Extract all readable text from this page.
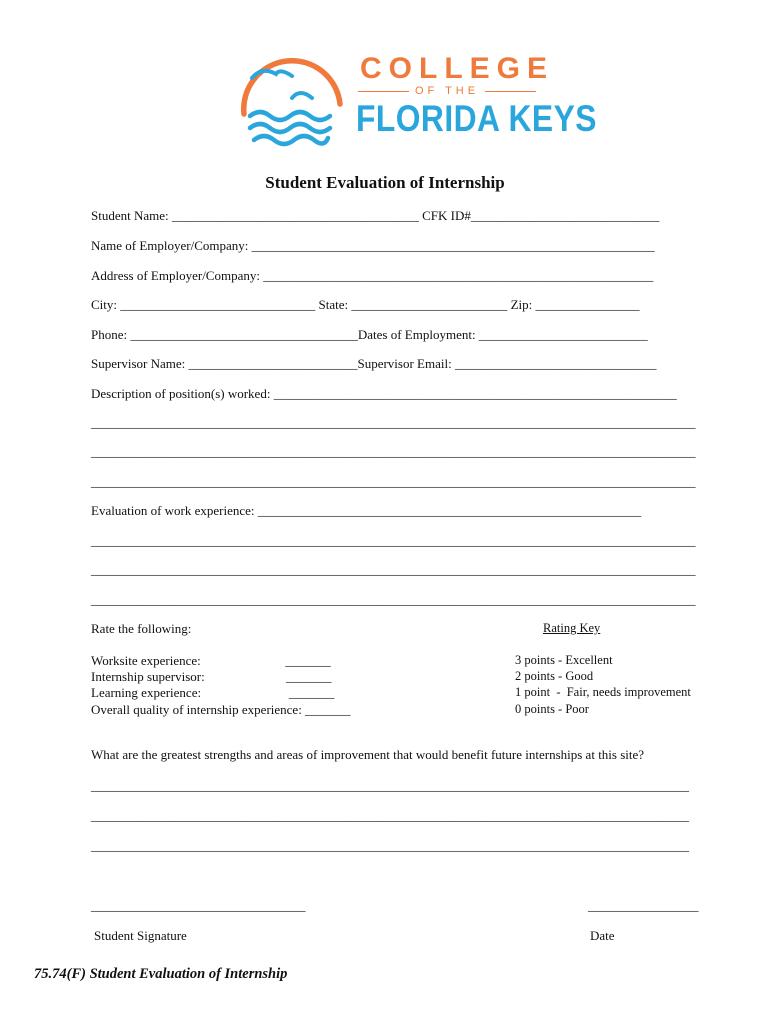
COLLEGE
OF THE
FLORIDA KEYS
Student Evaluation of Internship
Student Name: ______________________________________ CFK ID#_____________________________
Name of Employer/Company: ______________________________________________________________
Address of Employer/Company: ____________________________________________________________
City: ______________________________ State: ________________________ Zip: ________________
Phone: ___________________________________Dates of Employment: __________________________
Supervisor Name: __________________________Supervisor Email: _______________________________
Description of position(s) worked: ______________________________________________________________
_____________________________________________________________________________________________
_____________________________________________________________________________________________
_____________________________________________________________________________________________
Evaluation of work experience: ___________________________________________________________
_____________________________________________________________________________________________
_____________________________________________________________________________________________
_____________________________________________________________________________________________
Rate the following:
Worksite experience:                          _______
Internship supervisor:                         _______
Learning experience:                           _______
Overall quality of internship experience: _______
Rating Key
3 points - Excellent
2 points - Good
1 point  -  Fair, needs improvement
0 points - Poor
What are the greatest strengths and areas of improvement that would benefit future internships at this site?
____________________________________________________________________________________________
____________________________________________________________________________________________
____________________________________________________________________________________________
_________________________________	_________________
Student Signature	Date
75.74(F) Student Evaluation of Internship
